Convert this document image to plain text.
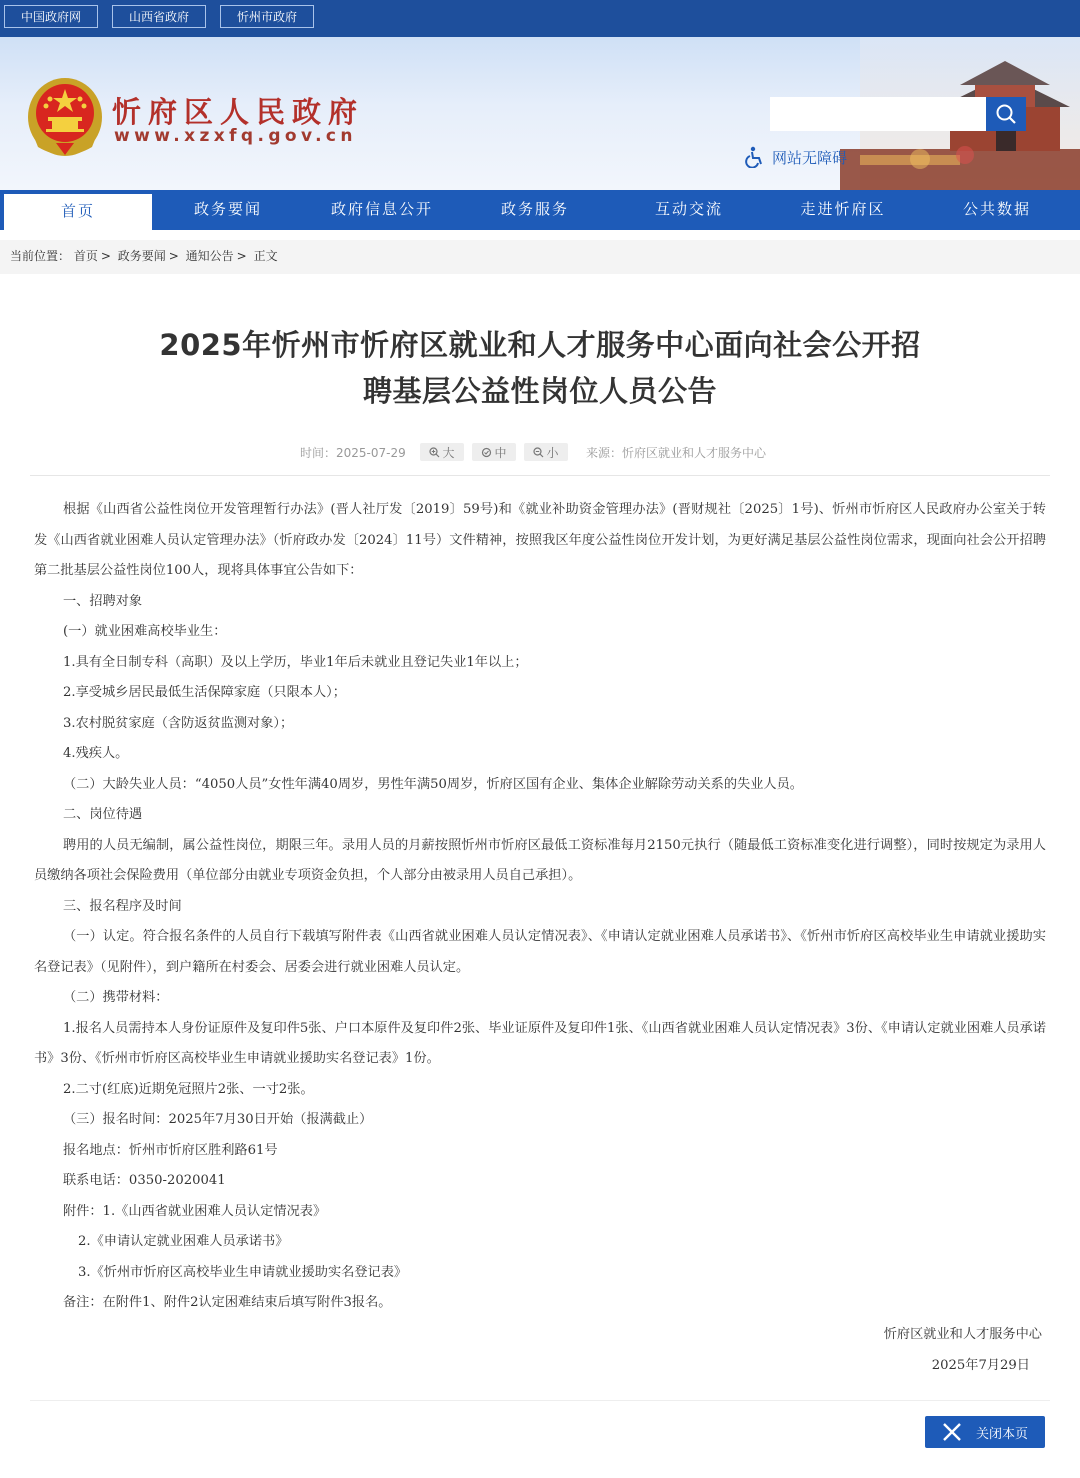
中国政府网	山西省政府	忻州市政府
忻府区人民政府
www.xzxfq.gov.cn
网站无障碍
首页	政务要闻	政府信息公开	政务服务	互动交流	走进忻府区	公共数据
当前位置： 首页 > 政务要闻 > 通知公告 > 正文
2025年忻州市忻府区就业和人才服务中心面向社会公开招
聘基层公益性岗位人员公告
时间：2025-07-29	大	中	小 来源：忻府区就业和人才服务中心

根据《山西省公益性岗位开发管理暂行办法》(晋人社厅发〔2019〕59号)和《就业补助资金管理办法》(晋财规社〔2025〕1号)、忻州市忻府区人民政府办公室关于转发《山西省就业困难人员认定管理办法》（忻府政办发〔2024〕11号）文件精神，按照我区年度公益性岗位开发计划，为更好满足基层公益性岗位需求，现面向社会公开招聘第二批基层公益性岗位100人，现将具体事宜公告如下：

一、招聘对象

(一）就业困难高校毕业生：

1.具有全日制专科（高职）及以上学历，毕业1年后未就业且登记失业1年以上；

2.享受城乡居民最低生活保障家庭（只限本人）；

3.农村脱贫家庭（含防返贫监测对象）；

4.残疾人。

（二）大龄失业人员：“4050人员”女性年满40周岁，男性年满50周岁，忻府区国有企业、集体企业解除劳动关系的失业人员。

二、岗位待遇

聘用的人员无编制，属公益性岗位，期限三年。录用人员的月薪按照忻州市忻府区最低工资标准每月2150元执行（随最低工资标准变化进行调整），同时按规定为录用人员缴纳各项社会保险费用（单位部分由就业专项资金负担，个人部分由被录用人员自己承担）。

三、报名程序及时间

（一）认定。符合报名条件的人员自行下载填写附件表《山西省就业困难人员认定情况表》、《申请认定就业困难人员承诺书》、《忻州市忻府区高校毕业生申请就业援助实名登记表》（见附件），到户籍所在村委会、居委会进行就业困难人员认定。

（二）携带材料：

1.报名人员需持本人身份证原件及复印件5张、户口本原件及复印件2张、毕业证原件及复印件1张、《山西省就业困难人员认定情况表》3份、《申请认定就业困难人员承诺书》3份、《忻州市忻府区高校毕业生申请就业援助实名登记表》1份。

2.二寸(红底)近期免冠照片2张、一寸2张。

（三）报名时间：2025年7月30日开始（报满截止）

报名地点：忻州市忻府区胜利路61号

联系电话：0350-2020041

附件：1.《山西省就业困难人员认定情况表》

2.《申请认定就业困难人员承诺书》

3.《忻州市忻府区高校毕业生申请就业援助实名登记表》

备注：在附件1、附件2认定困难结束后填写附件3报名。

忻府区就业和人才服务中心
2025年7月29日
关闭本页
